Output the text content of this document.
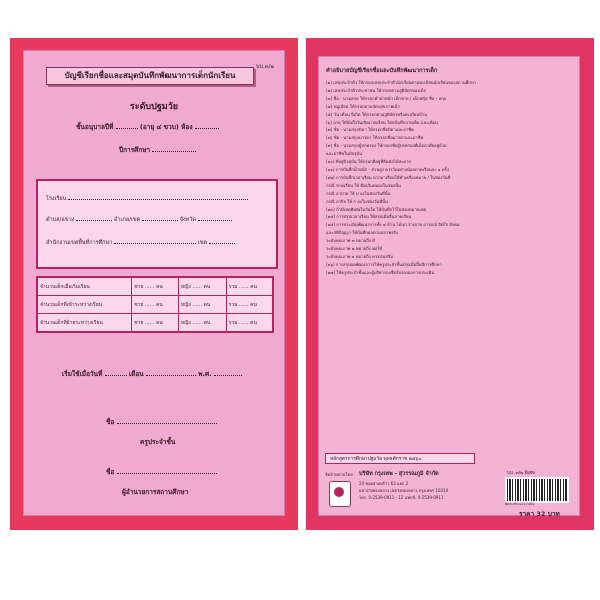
บบ.๓/๒
บัญชีเรียกชื่อและสมุดบันทึกพัฒนาการเด็กนักเรียน
ระดับปฐมวัย
ชั้นอนุบาลปีที่	(อายุ ๔ ขวบ) ห้อง
ปีการศึกษา
โรงเรียน
ตำบล/แขวง	อำเภอ/เขต	จังหวัด
สำนักงานเขตพื้นที่การศึกษา	เขต
จำนวนเด็กเมื่อเริ่มเรียน	ชาย ...... คน	หญิง ...... คน	รวม ...... คน
จำนวนเด็กที่เข้าระหว่างเรียน	ชาย ...... คน	หญิง ...... คน	รวม ...... คน
จำนวนเด็กที่ย้ายระหว่างเรียน	ชาย ...... คน	หญิง ...... คน	รวม ...... คน
เริ่มใช้เมื่อวันที่	เดือน	พ.ศ.
ชื่อ
ครูประจำชั้น
ชื่อ
ผู้อำนวยการสถานศึกษา
คำอธิบายบัญชีเรียกชื่อและบันทึกพัฒนาการเด็ก
(๑) เลขประจำตัว ให้กรอกเลขประจำตัวนักเรียนตามทะเบียนนักเรียนของสถานศึกษา
(๒) เลขประจำตัวประชาชน ให้กรอกตามสูติบัตรของเด็ก
(๓) ชื่อ - นามสกุล ให้กรอกคำนำหน้า เด็กชาย / เด็กหญิง ชื่อ - สกุล
(๔) หมู่เลือด ให้กรอกตามบัตรสุขภาพเด็ก
(๕) วัน เดือน ปีเกิด ให้กรอกตามสูติบัตรหรือทะเบียนบ้าน
(๖) อายุ ให้นับถึงวันเปิดภาคเรียน โดยบันทึกอายุเต็ม และเดือน
(๗) ชื่อ - นามสกุลบิดา ให้กรอกชื่อบิดาและอาชีพ
(๘) ชื่อ - นามสกุลมารดา ให้กรอกชื่อมารดาและอาชีพ
(๙) ชื่อ - นามสกุลผู้ปกครอง ให้กรอกชื่อผู้ปกครองที่เด็กอาศัยอยู่ด้วย
และอาชีพในปัจจุบัน
(๑๐) ที่อยู่ปัจจุบัน ให้กรอกที่อยู่ที่ติดต่อได้สะดวก
(๑๑) การบันทึกน้ำหนัก - ส่วนสูง ควรวัดอย่างน้อยภาคเรียนละ ๑ ครั้ง
(๑๒) การบันทึกเวลาเรียน หากมาเรียนให้ทำเครื่องหมาย / ในช่องวันที่
กรณี ขาดเรียน ให้ ขีดเส้นทแยงในช่องนั้น
กรณี ลาป่วย ให้ ป ลงในช่องวันที่นั้น
กรณี ลากิจ ให้ ก ลงในช่องวันที่นั้น
(๑๓) ถ้ามีเหตุพิเศษในวันใด ให้บันทึกไว้ในช่องหมายเหตุ
(๑๔) การสรุปเวลาเรียน ให้สรุปเมื่อสิ้นภาคเรียน
(๑๕) การประเมินพัฒนาการทั้ง ๔ ด้าน ได้แก่ ร่างกาย อารมณ์ จิตใจ สังคม
และสติปัญญา ให้บันทึกผลตามสภาพจริง
ระดับคุณภาพ ๓ หมายถึง ดี
ระดับคุณภาพ ๒ หมายถึง พอใช้
ระดับคุณภาพ ๑ หมายถึง ควรส่งเสริม
(๑๖) การสรุปผลพัฒนาการให้ครูประจำชั้นสรุปเมื่อสิ้นปีการศึกษา
(๑๗) ให้ครูประจำชั้นและผู้บริหารลงชื่อรับรองผลการประเมิน
หลักสูตรการศึกษาปฐมวัย พุทธศักราช ๒๕๖๐
จัดจำหน่ายโดย บริษัท กรุงเทพ - สุวรรณภูมิ จำกัด
24 ซอยลาดพร้าว 63 แยก 2
แขวงวังทองหลาง เขตวังทองหลาง กรุงเทพฯ 10310
โทร. 0-2539-0911 - 12 แฟกซ์. 0-2539-0911
บบ. ๓/๒ พิเศษ
8851904137401
ราคา 32 บาท
